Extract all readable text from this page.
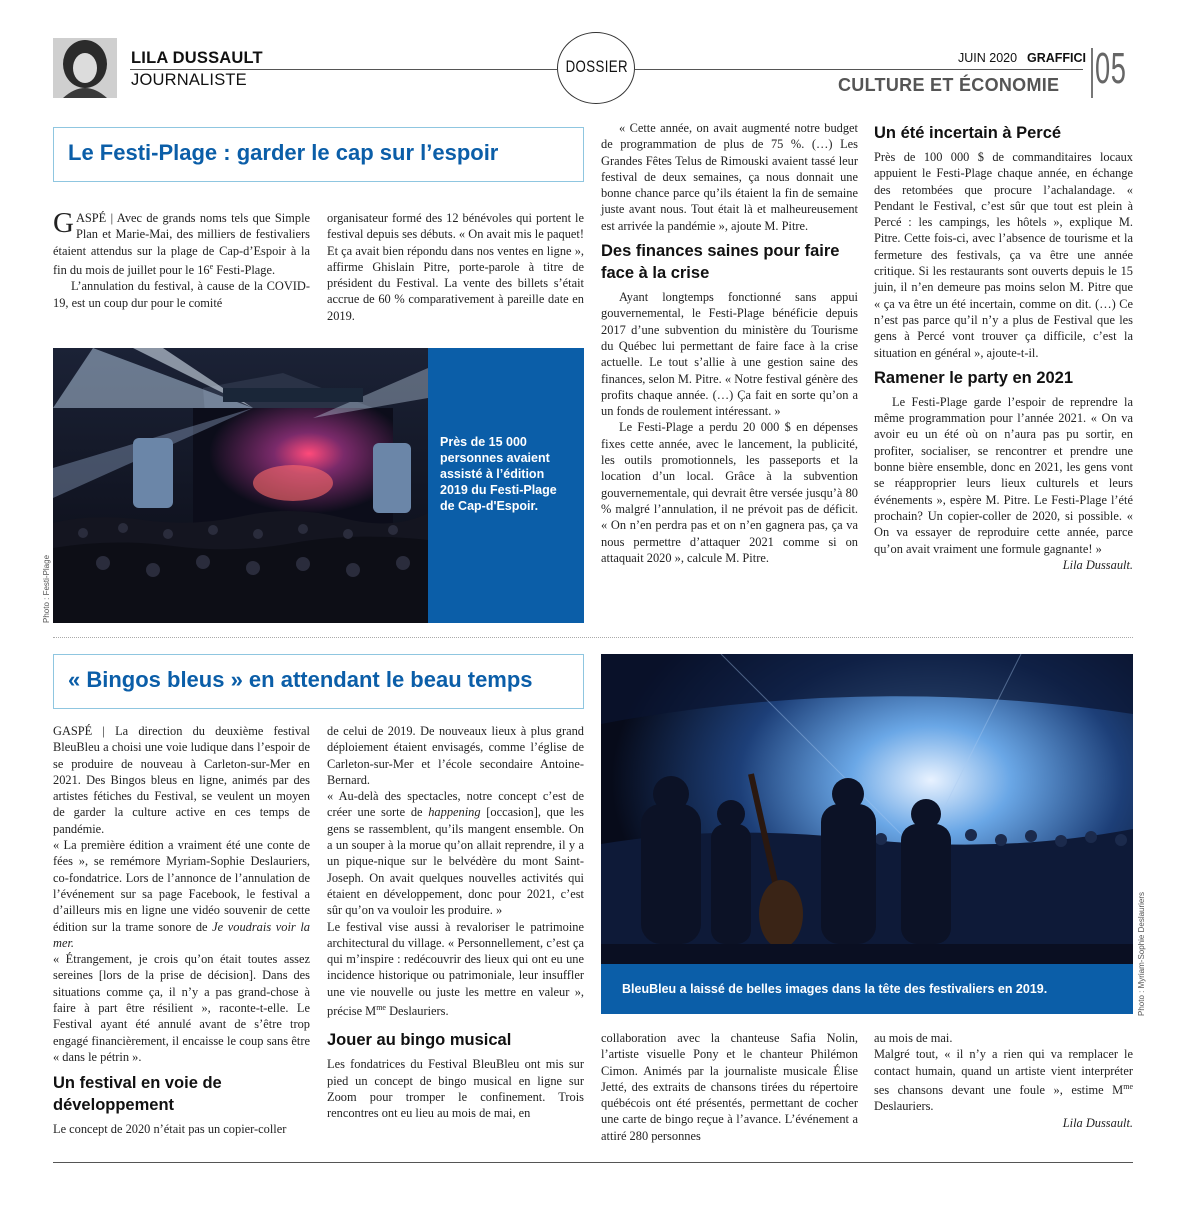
LILA DUSSAULT
JOURNALISTE
DOSSIER	JUIN 2020 GRAFFICI
CULTURE ET ÉCONOMIE 05
Le Festi-Plage : garder le cap sur l’espoir

GASPÉ | Avec de grands noms tels que Simple Plan et Marie-Mai, des milliers de festivaliers étaient attendus sur la plage de Cap-d’Espoir à la fin du mois de juillet pour le 16e Festi-Plage.

L’annulation du festival, à cause de la COVID-19, est un coup dur pour le comité

organisateur formé des 12 bénévoles qui portent le festival depuis ses débuts. « On avait mis le paquet! Et ça avait bien répondu dans nos ventes en ligne », affirme Ghislain Pitre, porte-parole à titre de président du Festival. La vente des billets s’était accrue de 60 % comparativement à pareille date en 2019.

Photo : Festi-Plage
Près de 15 000 personnes avaient assisté à l’édition 2019 du Festi-Plage de Cap-d'Espoir.

« Cette année, on avait augmenté notre budget de programmation de plus de 75 %. (…) Les Grandes Fêtes Telus de Rimouski avaient tassé leur festival de deux semaines, ça nous donnait une bonne chance parce qu’ils étaient la fin de semaine juste avant nous. Tout était là et malheureusement est arrivée la pandémie », ajoute M. Pitre.

Des finances saines pour faire face à la crise

Ayant longtemps fonctionné sans appui gouvernemental, le Festi-Plage bénéficie depuis 2017 d’une subvention du ministère du Tourisme du Québec lui permettant de faire face à la crise actuelle. Le tout s’allie à une gestion saine des finances, selon M. Pitre. « Notre festival génère des profits chaque année. (…) Ça fait en sorte qu’on a un fonds de roulement intéressant. »

Le Festi-Plage a perdu 20 000 $ en dépenses fixes cette année, avec le lancement, la publicité, les outils promotionnels, les passeports et la location d’un local. Grâce à la subvention gouvernementale, qui devrait être versée jusqu’à 80 % malgré l’annulation, il ne prévoit pas de déficit. « On n’en perdra pas et on n’en gagnera pas, ça va nous permettre d’attaquer 2021 comme si on attaquait 2020 », calcule M. Pitre.

Un été incertain à Percé

Près de 100 000 $ de commanditaires locaux appuient le Festi-Plage chaque année, en échange des retombées que procure l’achalandage. « Pendant le Festival, c’est sûr que tout est plein à Percé : les campings, les hôtels », explique M. Pitre. Cette fois-ci, avec l’absence de tourisme et la fermeture des festivals, ça va être une année critique. Si les restaurants sont ouverts depuis le 15 juin, il n’en demeure pas moins selon M. Pitre que « ça va être un été incertain, comme on dit. (…) Ce n’est pas parce qu’il n’y a plus de Festival que les gens à Percé vont trouver ça difficile, c’est la situation en général », ajoute-t-il.

Ramener le party en 2021

Le Festi-Plage garde l’espoir de reprendre la même programmation pour l’année 2021. « On va avoir eu un été où on n’aura pas pu sortir, en profiter, socialiser, se rencontrer et prendre une bonne bière ensemble, donc en 2021, les gens vont se réapproprier leurs lieux culturels et leurs événements », espère M. Pitre. Le Festi-Plage l’été prochain? Un copier-coller de 2020, si possible. « On va essayer de reproduire cette année, parce qu’on avait vraiment une formule gagnante! »

Lila Dussault.

« Bingos bleus » en attendant le beau temps

GASPÉ | La direction du deuxième festival BleuBleu a choisi une voie ludique dans l’espoir de se produire de nouveau à Carleton-sur-Mer en 2021. Des Bingos bleus en ligne, animés par des artistes fétiches du Festival, se veulent un moyen de garder la culture active en ces temps de pandémie.

« La première édition a vraiment été une conte de fées », se remémore Myriam-Sophie Deslauriers, co-fondatrice. Lors de l’annonce de l’annulation de l’événement sur sa page Facebook, le festival a d’ailleurs mis en ligne une vidéo souvenir de cette édition sur la trame sonore de Je voudrais voir la mer.

« Étrangement, je crois qu’on était toutes assez sereines [lors de la prise de décision]. Dans des situations comme ça, il n’y a pas grand-chose à faire à part être résilient », raconte-t-elle. Le Festival ayant été annulé avant de s’être trop engagé financièrement, il encaisse le coup sans être « dans le pétrin ».

Un festival en voie de développement

Le concept de 2020 n’était pas un copier-coller

de celui de 2019. De nouveaux lieux à plus grand déploiement étaient envisagés, comme l’église de Carleton-sur-Mer et l’école secondaire Antoine-Bernard.

« Au-delà des spectacles, notre concept c’est de créer une sorte de happening [occasion], que les gens se rassemblent, qu’ils mangent ensemble. On a un souper à la morue qu’on allait reprendre, il y a un pique-nique sur le belvédère du mont Saint-Joseph. On avait quelques nouvelles activités qui étaient en développement, donc pour 2021, c’est sûr qu’on va vouloir les produire. »

Le festival vise aussi à revaloriser le patrimoine architectural du village. « Personnellement, c’est ça qui m’inspire : redécouvrir des lieux qui ont eu une incidence historique ou patrimoniale, leur insuffler une vie nouvelle ou juste les mettre en valeur », précise $M^{me}$ Deslauriers.

Jouer au bingo musical

Les fondatrices du Festival BleuBleu ont mis sur pied un concept de bingo musical en ligne sur Zoom pour tromper le confinement. Trois rencontres ont eu lieu au mois de mai, en

BleuBleu a laissé de belles images dans la tête des festivaliers en 2019.	Photo : Myriam-Sophie Deslauriers

collaboration avec la chanteuse Safia Nolin, l’artiste visuelle Pony et le chanteur Philémon Cimon. Animés par la journaliste musicale Élise Jetté, des extraits de chansons tirées du répertoire québécois ont été présentés, permettant de cocher une carte de bingo reçue à l’avance. L’événement a attiré 280 personnes

au mois de mai.

Malgré tout, « il n’y a rien qui va remplacer le contact humain, quand un artiste vient interpréter ses chansons devant une foule », estime $M^{me}$ Deslauriers.

Lila Dussault.
